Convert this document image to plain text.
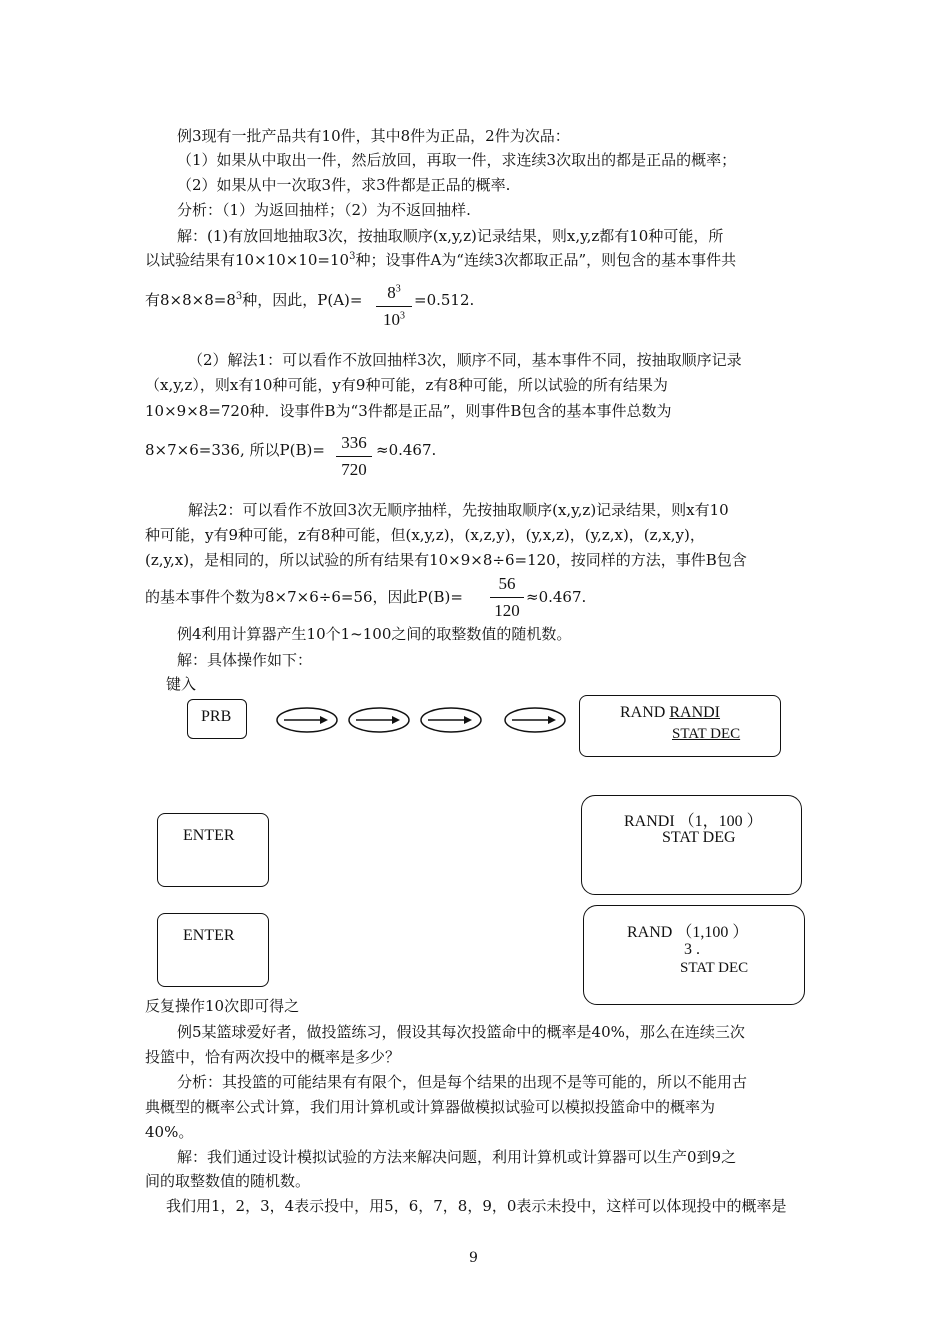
例3现有一批产品共有10件，其中8件为正品，2件为次品：
（1）如果从中取出一件，然后放回，再取一件，求连续3次取出的都是正品的概率；
（2）如果从中一次取3件，求3件都是正品的概率.
分析：（1）为返回抽样；（2）为不返回抽样.
解：(1)有放回地抽取3次，按抽取顺序(x,y,z)记录结果，则x,y,z都有10种可能，所
以试验结果有$10\times 10\times 10=10^3$种；设事件A为“连续3次都取正品”，则包含的基本事件共
有$8\times 8\times 8=8^3$种，因此，P(A)=	$8^3$
$10^3$
=0.512.
（2）解法1：可以看作不放回抽样3次，顺序不同，基本事件不同，按抽取顺序记录
（x,y,z），则x有10种可能，y有9种可能，z有8种可能，所以试验的所有结果为
10×9×8=720种．设事件B为“3件都是正品”，则事件B包含的基本事件总数为
8×7×6=336, 所以P(B)= 336
720
≈0.467.
解法2：可以看作不放回3次无顺序抽样，先按抽取顺序(x,y,z)记录结果，则x有10
种可能，y有9种可能，z有8种可能，但(x,y,z)，(x,z,y)，(y,x,z)，(y,z,x)，(z,x,y)，
(z,y,x)，是相同的，所以试验的所有结果有10×9×8÷6=120，按同样的方法，事件B包含
的基本事件个数为8×7×6÷6=56，因此P(B)=
56
120
≈0.467.
例4利用计算器产生10个1~100之间的取整数值的随机数。
解：具体操作如下：
键入
PRB	RAND RANDI
STAT DEC
ENTER
RANDI （1，100 ）
STAT DEG
ENTER	RAND （1,100 ）
3 .
STAT DEC
反复操作10次即可得之
例5某篮球爱好者，做投篮练习，假设其每次投篮命中的概率是40%，那么在连续三次
投篮中，恰有两次投中的概率是多少？
分析：其投篮的可能结果有有限个，但是每个结果的出现不是等可能的，所以不能用古
典概型的概率公式计算，我们用计算机或计算器做模拟试验可以模拟投篮命中的概率为
40%。
解：我们通过设计模拟试验的方法来解决问题，利用计算机或计算器可以生产0到9之
间的取整数值的随机数。
我们用1，2，3，4表示投中，用5，6，7，8，9，0表示未投中，这样可以体现投中的概率是
9
